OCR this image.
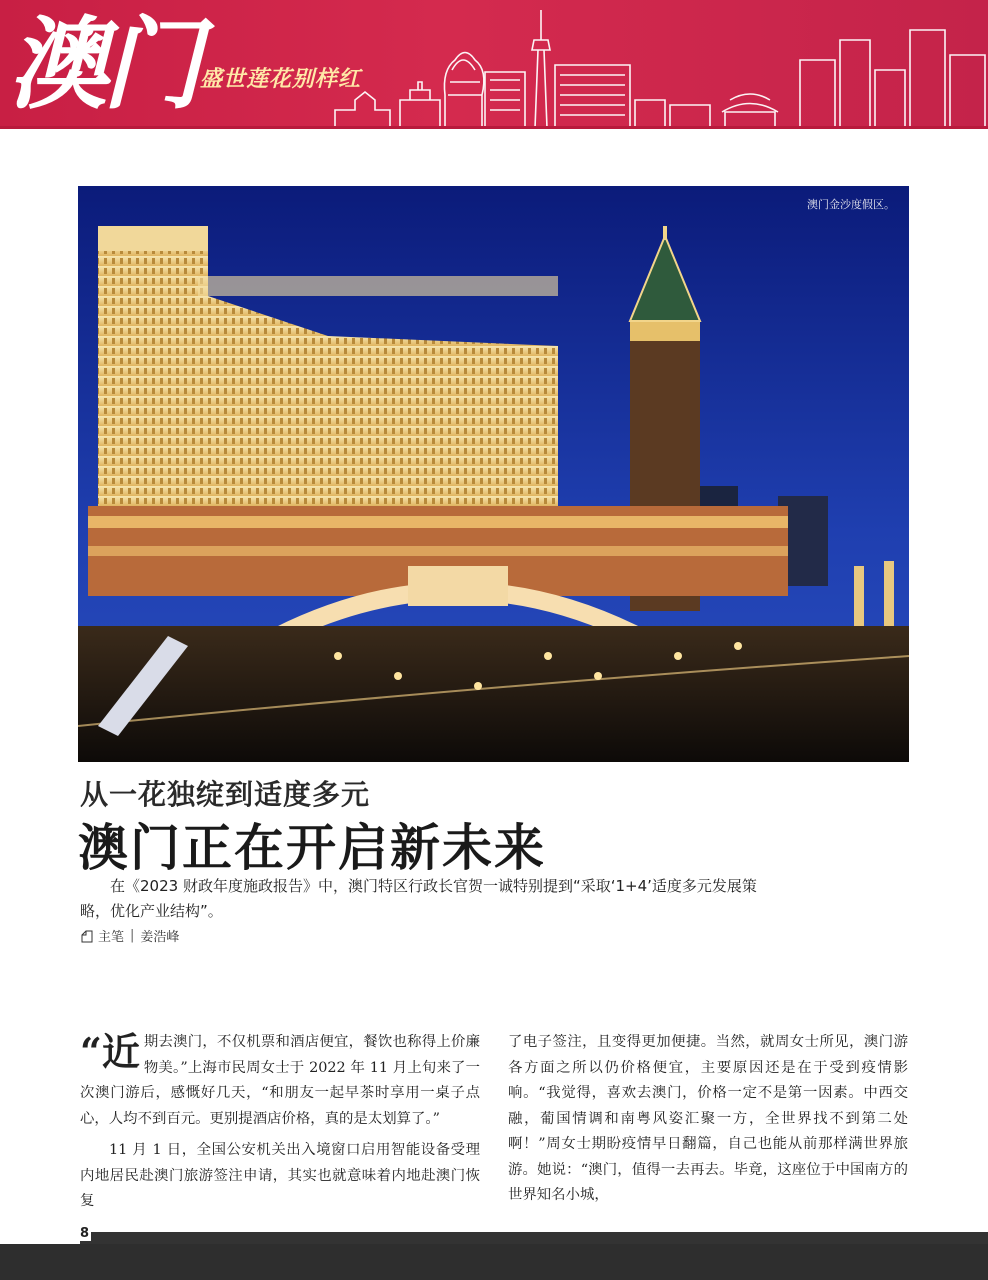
澳门 盛世莲花别样红
澳门金沙度假区。
从一花独绽到适度多元
澳门正在开启新未来

在《2023 财政年度施政报告》中，澳门特区行政长官贺一诚特别提到“采取‘1+4’适度多元发展策略，优化产业结构”。

主笔 | 姜浩峰

“近期去澳门，不仅机票和酒店便宜，餐饮也称得上价廉物美。”上海市民周女士于 2022 年 11 月上旬来了一次澳门游后，感慨好几天，“和朋友一起早茶时享用一桌子点心，人均不到百元。更别提酒店价格，真的是太划算了。”

11 月 1 日，全国公安机关出入境窗口启用智能设备受理内地居民赴澳门旅游签注申请，其实也就意味着内地赴澳门恢复

了电子签注，且变得更加便捷。当然，就周女士所见，澳门游各方面之所以仍价格便宜，主要原因还是在于受到疫情影响。“我觉得，喜欢去澳门，价格一定不是第一因素。中西交融，葡国情调和南粤风姿汇聚一方，全世界找不到第二处啊！”周女士期盼疫情早日翻篇，自己也能从前那样满世界旅游。她说：“澳门，值得一去再去。毕竟，这座位于中国南方的世界知名小城，

8
